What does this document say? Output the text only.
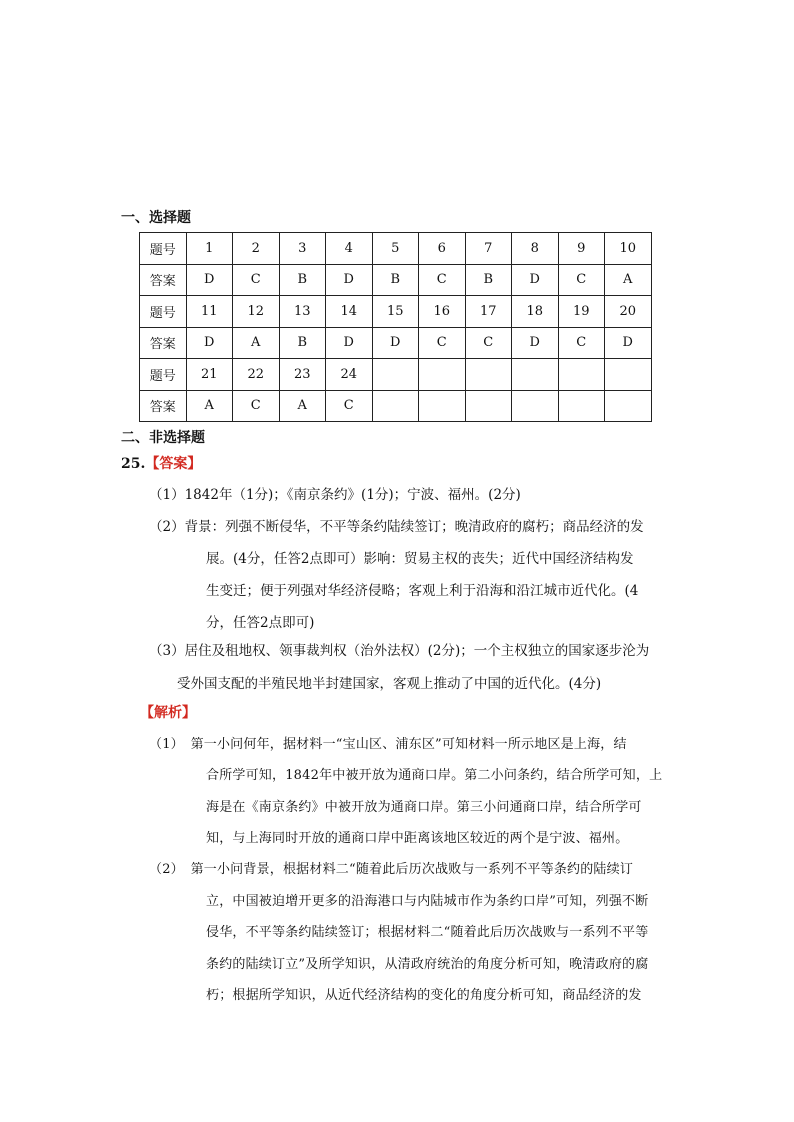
一、选择题
题号	1	2	3	4	5	6	7	8	9	10
答案	D	C	B	D	B	C	B	D	C	A
题号	11	12	13	14	15	16	17	18	19	20
答案	D	A	B	D	D	C	C	D	C	D
题号	21	22	23	24						
答案	A	C	A	C						
二、非选择题
25.【答案】
（1）1842年（1分)；《南京条约》(1分)；宁波、福州。(2分)
（2）背景：列强不断侵华，不平等条约陆续签订；晚清政府的腐朽；商品经济的发
展。(4分，任答2点即可）影响：贸易主权的丧失；近代中国经济结构发
生变迁；便于列强对华经济侵略；客观上利于沿海和沿江城市近代化。(4
分，任答2点即可)
（3）居住及租地权、领事裁判权（治外法权）(2分)；一个主权独立的国家逐步沦为
受外国支配的半殖民地半封建国家，客观上推动了中国的近代化。(4分)
【解析】
（1）　第一小问何年，据材料一“宝山区、浦东区”可知材料一所示地区是上海，结
合所学可知，1842年中被开放为通商口岸。第二小问条约，结合所学可知，上
海是在《南京条约》中被开放为通商口岸。第三小问通商口岸，结合所学可
知，与上海同时开放的通商口岸中距离该地区较近的两个是宁波、福州。
（2）　第一小问背景，根据材料二“随着此后历次战败与一系列不平等条约的陆续订
立，中国被迫增开更多的沿海港口与内陆城市作为条约口岸”可知，列强不断
侵华，不平等条约陆续签订；根据材料二“随着此后历次战败与一系列不平等
条约的陆续订立”及所学知识，从清政府统治的角度分析可知，晚清政府的腐
朽；根据所学知识，从近代经济结构的变化的角度分析可知，商品经济的发
